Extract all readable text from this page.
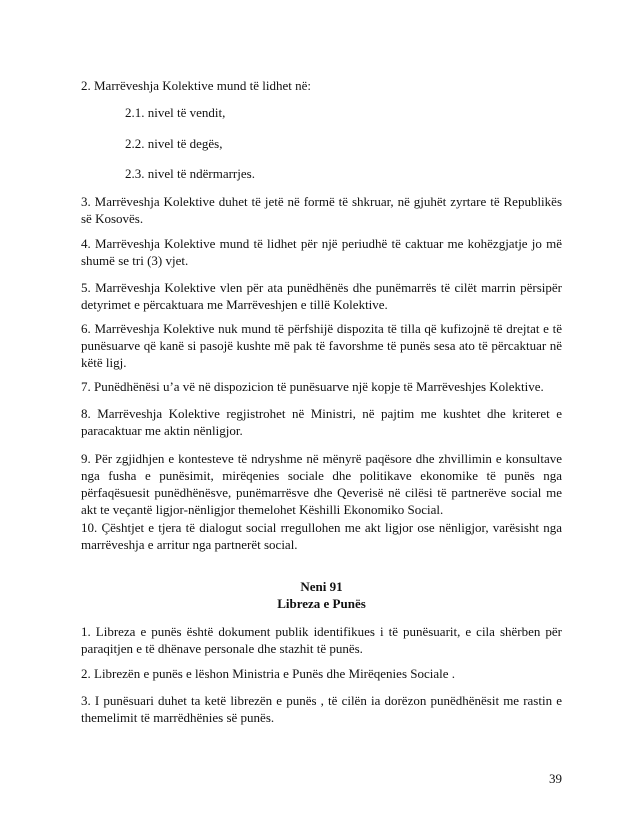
2. Marrëveshja Kolektive mund të lidhet në:

2.1. nivel të vendit,

2.2. nivel të degës,

2.3. nivel të ndërmarrjes.

3. Marrëveshja Kolektive duhet të jetë në formë të shkruar, në gjuhët zyrtare të Republikës së Kosovës.

4. Marrëveshja Kolektive mund të lidhet për një periudhë të caktuar me kohëzgjatje jo më shumë se tri (3) vjet.

5. Marrëveshja Kolektive vlen për ata punëdhënës dhe punëmarrës të cilët marrin përsipër detyrimet e përcaktuara me Marrëveshjen e tillë Kolektive.

6. Marrëveshja Kolektive nuk mund të përfshijë dispozita të tilla që kufizojnë të drejtat e të punësuarve që kanë si pasojë kushte më pak të favorshme të punës sesa ato të përcaktuar në këtë ligj.

7. Punëdhënësi u’a vë në dispozicion të punësuarve një kopje të Marrëveshjes Kolektive.

8. Marrëveshja Kolektive regjistrohet në Ministri, në pajtim me kushtet dhe kriteret e paracaktuar me aktin nënligjor.

9. Për zgjidhjen e kontesteve të ndryshme në mënyrë paqësore dhe zhvillimin e konsultave nga fusha e punësimit, mirëqenies sociale dhe politikave ekonomike të punës nga përfaqësuesit punëdhënësve, punëmarrësve dhe Qeverisë në cilësi të partnerëve social me akt te veçantë ligjor-nënligjor themelohet Këshilli Ekonomiko Social.

10. Çështjet e tjera të dialogut social rregullohen me akt ligjor ose nënligjor, varësisht nga marrëveshja e arritur nga partnerët social.

Neni 91

Libreza e Punës

1. Libreza e punës është dokument publik identifikues i të punësuarit, e cila shërben për paraqitjen e të dhënave personale dhe stazhit të punës.

2. Librezën e punës e lëshon Ministria e Punës dhe Mirëqenies Sociale .

3. I punësuari duhet ta ketë librezën e punës , të cilën ia dorëzon punëdhënësit me rastin e themelimit të marrëdhënies së punës.

39
